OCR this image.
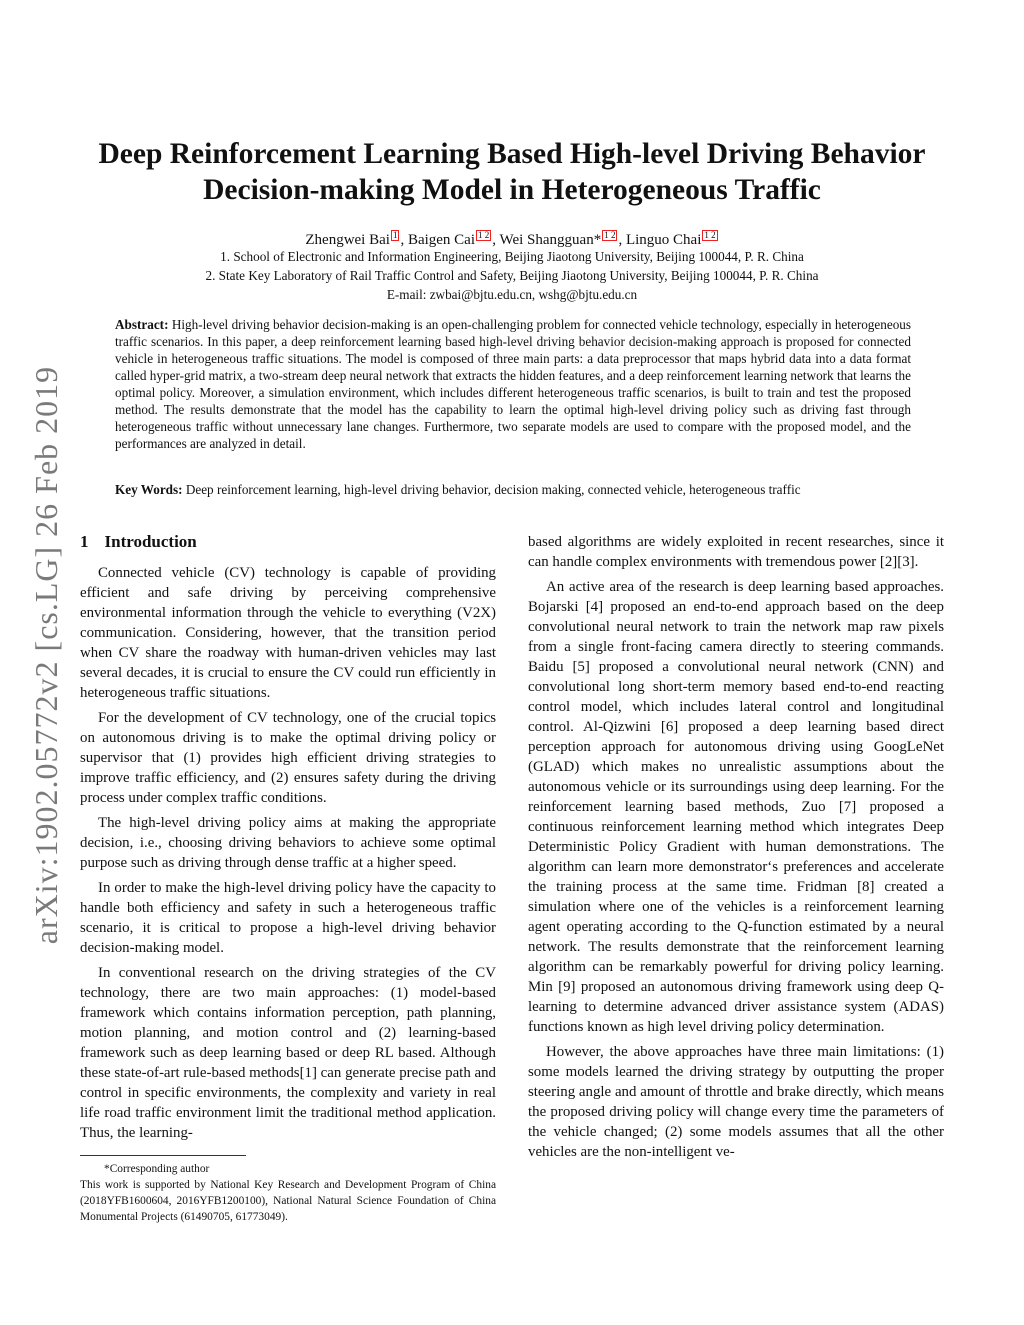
arXiv:1902.05772v2 [cs.LG] 26 Feb 2019
Deep Reinforcement Learning Based High-level Driving Behavior
Decision-making Model in Heterogeneous Traffic
Zhengwei Bai $^1$ , Baigen Cai $^{1 2}$ , Wei Shangguan* $^{1 2}$ , Linguo Chai $^{1 2}$
1. School of Electronic and Information Engineering, Beijing Jiaotong University, Beijing 100044, P. R. China
2. State Key Laboratory of Rail Traffic Control and Safety, Beijing Jiaotong University, Beijing 100044, P. R. China
E-mail: zwbai@bjtu.edu.cn, wshg@bjtu.edu.cn
Abstract: High-level driving behavior decision-making is an open-challenging problem for connected vehicle technology, especially in heterogeneous traffic scenarios. In this paper, a deep reinforcement learning based high-level driving behavior decision-making approach is proposed for connected vehicle in heterogeneous traffic situations. The model is composed of three main parts: a data preprocessor that maps hybrid data into a data format called hyper-grid matrix, a two-stream deep neural network that extracts the hidden features, and a deep reinforcement learning network that learns the optimal policy. Moreover, a simulation environment, which includes different heterogeneous traffic scenarios, is built to train and test the proposed method. The results demonstrate that the model has the capability to learn the optimal high-level driving policy such as driving fast through heterogeneous traffic without unnecessary lane changes. Furthermore, two separate models are used to compare with the proposed model, and the performances are analyzed in detail.
Key Words: Deep reinforcement learning, high-level driving behavior, decision making, connected vehicle, heterogeneous traffic
1 Introduction

Connected vehicle (CV) technology is capable of providing efficient and safe driving by perceiving comprehensive environmental information through the vehicle to everything (V2X) communication. Considering, however, that the transition period when CV share the roadway with human-driven vehicles may last several decades, it is crucial to ensure the CV could run efficiently in heterogeneous traffic situations.

For the development of CV technology, one of the crucial topics on autonomous driving is to make the optimal driving policy or supervisor that (1) provides high efficient driving strategies to improve traffic efficiency, and (2) ensures safety during the driving process under complex traffic conditions.

The high-level driving policy aims at making the appropriate decision, i.e., choosing driving behaviors to achieve some optimal purpose such as driving through dense traffic at a higher speed.

In order to make the high-level driving policy have the capacity to handle both efficiency and safety in such a heterogeneous traffic scenario, it is critical to propose a high-level driving behavior decision-making model.

In conventional research on the driving strategies of the CV technology, there are two main approaches: (1) model-based framework which contains information perception, path planning, motion planning, and motion control and (2) learning-based framework such as deep learning based or deep RL based. Although these state-of-art rule-based methods[1] can generate precise path and control in specific environments, the complexity and variety in real life road traffic environment limit the traditional method application. Thus, the learning-

based algorithms are widely exploited in recent researches, since it can handle complex environments with tremendous power [2][3].

An active area of the research is deep learning based approaches. Bojarski [4] proposed an end-to-end approach based on the deep convolutional neural network to train the network map raw pixels from a single front-facing camera directly to steering commands. Baidu [5] proposed a convolutional neural network (CNN) and convolutional long short-term memory based end-to-end reacting control model, which includes lateral control and longitudinal control. Al-Qizwini [6] proposed a deep learning based direct perception approach for autonomous driving using GoogLeNet (GLAD) which makes no unrealistic assumptions about the autonomous vehicle or its surroundings using deep learning. For the reinforcement learning based methods, Zuo [7] proposed a continuous reinforcement learning method which integrates Deep Deterministic Policy Gradient with human demonstrations. The algorithm can learn more demonstrator‘s preferences and accelerate the training process at the same time. Fridman [8] created a simulation where one of the vehicles is a reinforcement learning agent operating according to the Q-function estimated by a neural network. The results demonstrate that the reinforcement learning algorithm can be remarkably powerful for driving policy learning. Min [9] proposed an autonomous driving framework using deep Q-learning to determine advanced driver assistance system (ADAS) functions known as high level driving policy determination.

However, the above approaches have three main limitations: (1) some models learned the driving strategy by outputting the proper steering angle and amount of throttle and brake directly, which means the proposed driving policy will change every time the parameters of the vehicle changed; (2) some models assumes that all the other vehicles are the non-intelligent ve-

*Corresponding author

This work is supported by National Key Research and Development Program of China (2018YFB1600604, 2016YFB1200100), National Natural Science Foundation of China Monumental Projects (61490705, 61773049).
